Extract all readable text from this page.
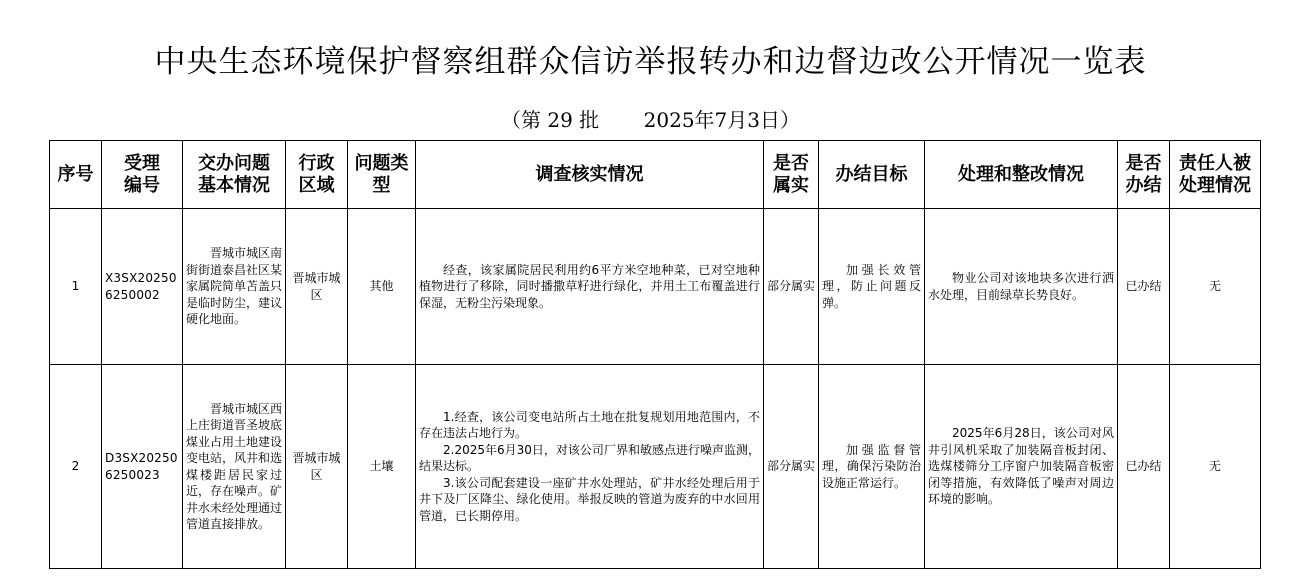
中央生态环境保护督察组群众信访举报转办和边督边改公开情况一览表
（第 29 批       2025年7月3日）
序号	受理编号	交办问题基本情况	行政区域	问题类型	调查核实情况	是否属实	办结目标	处理和整改情况	是否办结	责任人被处理情况
1	X3SX202506250002	晋城市城区南街街道泰昌社区某家属院简单苫盖只是临时防尘，建议硬化地面。	晋城市城区	其他	经查，该家属院居民利用约6平方米空地种菜，已对空地种植物进行了移除，同时播撒草籽进行绿化，并用土工布覆盖进行保湿，无粉尘污染现象。	部分属实	加强长效管理，防止问题反弹。	物业公司对该地块多次进行洒水处理，目前绿草长势良好。	已办结	无
2	D3SX202506250023	晋城市城区西上庄街道晋圣坡底煤业占用土地建设变电站，风井和选煤楼距居民家过近，存在噪声。矿井水未经处理通过管道直接排放。	晋城市城区	土壤	1.经查，该公司变电站所占土地在批复规划用地范围内，不存在违法占地行为。
2.2025年6月30日，对该公司厂界和敏感点进行噪声监测，结果达标。
3.该公司配套建设一座矿井水处理站，矿井水经处理后用于井下及厂区降尘、绿化使用。举报反映的管道为废弃的中水回用管道，已长期停用。	部分属实	加强监督管理，确保污染防治设施正常运行。	2025年6月28日，该公司对风井引风机采取了加装隔音板封闭、选煤楼筛分工序窗户加装隔音板密闭等措施，有效降低了噪声对周边环境的影响。	已办结	无
